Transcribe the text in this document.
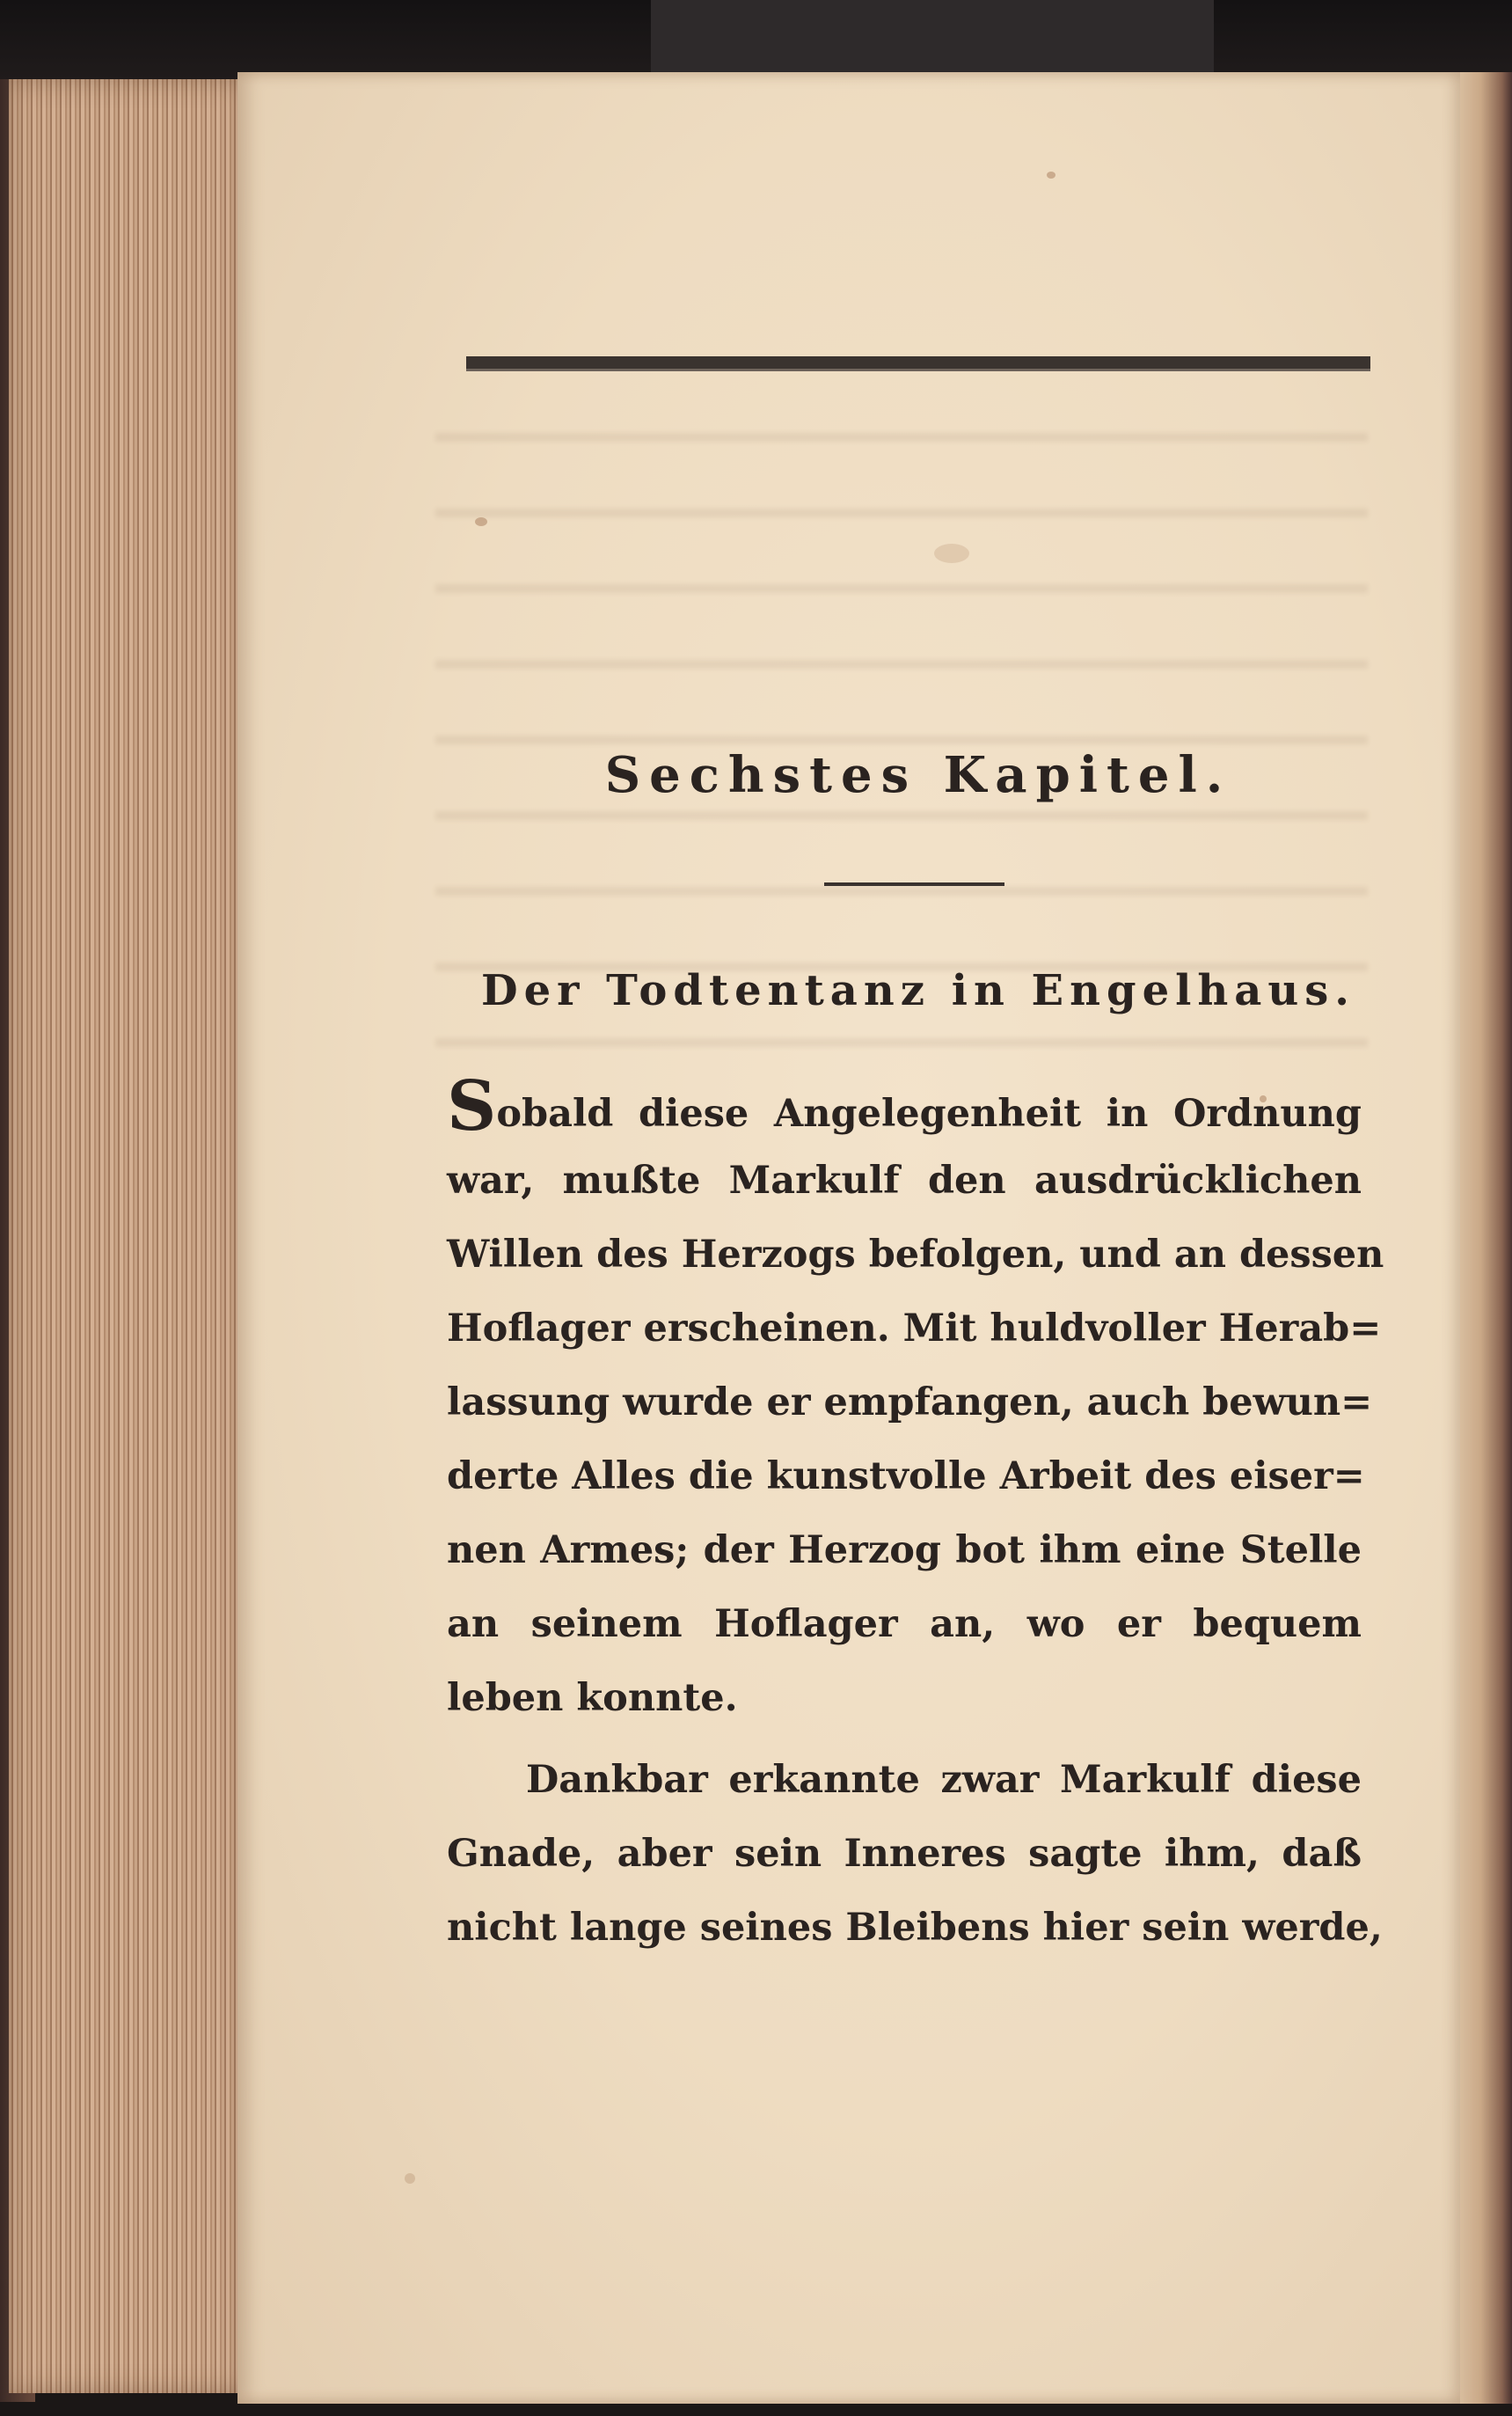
Sechstes Kapitel.
Der Todtentanz in Engelhaus.
Sobald diese Angelegenheit in Ordnung
war, mußte Markulf den ausdrücklichen
Willen des Herzogs befolgen, und an dessen
Hoflager erscheinen. Mit huldvoller Herab=
lassung wurde er empfangen, auch bewun=
derte Alles die kunstvolle Arbeit des eiser=
nen Armes; der Herzog bot ihm eine Stelle
an seinem Hoflager an, wo er bequem
leben konnte.
Dankbar erkannte zwar Markulf diese
Gnade, aber sein Inneres sagte ihm, daß
nicht lange seines Bleibens hier sein werde,
